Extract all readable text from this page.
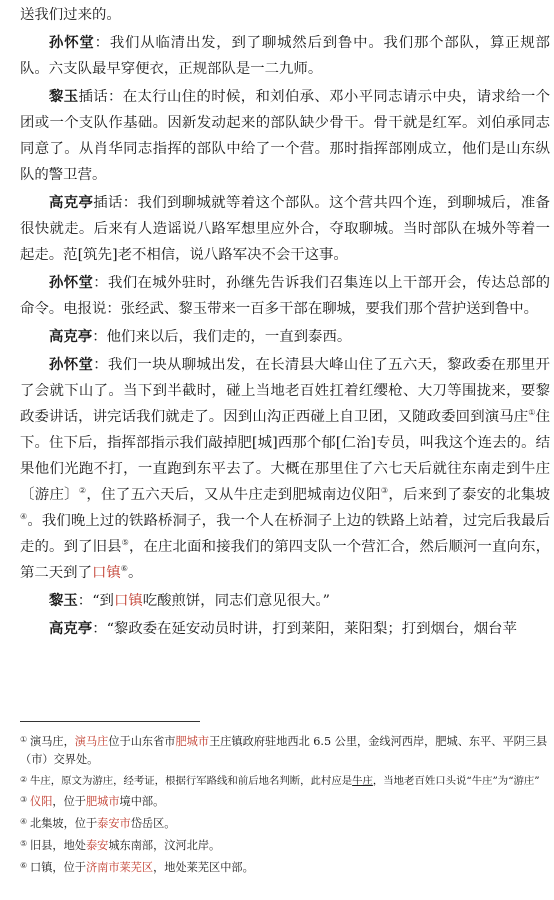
送我们过来的。

孙怀堂：我们从临清出发，到了聊城然后到鲁中。我们那个部队，算正规部队。六支队最早穿便衣，正规部队是一二九师。

黎玉插话：在太行山住的时候，和刘伯承、邓小平同志请示中央，请求给一个团或一个支队作基础。因新发动起来的部队缺少骨干。骨干就是红军。刘伯承同志同意了。从肖华同志指挥的部队中给了一个营。那时指挥部刚成立，他们是山东纵队的警卫营。

高克亭插话：我们到聊城就等着这个部队。这个营共四个连，到聊城后，准备很快就走。后来有人造谣说八路军想里应外合，夺取聊城。当时部队在城外等着一起走。范[筑先]老不相信，说八路军决不会干这事。

孙怀堂：我们在城外驻时，孙继先告诉我们召集连以上干部开会，传达总部的命令。电报说：张经武、黎玉带来一百多干部在聊城，要我们那个营护送到鲁中。

高克亭：他们来以后，我们走的，一直到泰西。

孙怀堂：我们一块从聊城出发，在长清县大峰山住了五六天，黎政委在那里开了会就下山了。当下到半截时，碰上当地老百姓扛着红缨枪、大刀等围拢来，要黎政委讲话，讲完话我们就走了。因到山沟正西碰上自卫团，又随政委回到演马庄①住下。住下后，指挥部指示我们敲掉肥[城]西那个郁[仁治]专员，叫我这个连去的。结果他们光跑不打，一直跑到东平去了。大概在那里住了六七天后就往东南走到牛庄〔游庄〕②，住了五六天后，又从牛庄走到肥城南边仪阳③，后来到了泰安的北集坡④。我们晚上过的铁路桥洞子，我一个人在桥洞子上边的铁路上站着，过完后我最后走的。到了旧县⑤，在庄北面和接我们的第四支队一个营汇合，然后顺河一直向东，第二天到了口镇⑥。

黎玉：“到口镇吃酸煎饼，同志们意见很大。”

高克亭：“黎政委在延安动员时讲，打到莱阳，莱阳梨；打到烟台，烟台苹

① 演马庄，演马庄位于山东省市肥城市王庄镇政府驻地西北 6.5 公里，金线河西岸，肥城、东平、平阴三县（市）交界处。

② 牛庄，原文为游庄，经考证，根据行军路线和前后地名判断，此村应是牛庄，当地老百姓口头说“牛庄”为“游庄”

③ 仪阳，位于肥城市境中部。

④ 北集坡，位于泰安市岱岳区。

⑤ 旧县，地处泰安城东南部，汶河北岸。

⑥ 口镇，位于济南市莱芜区，地处莱芜区中部。
